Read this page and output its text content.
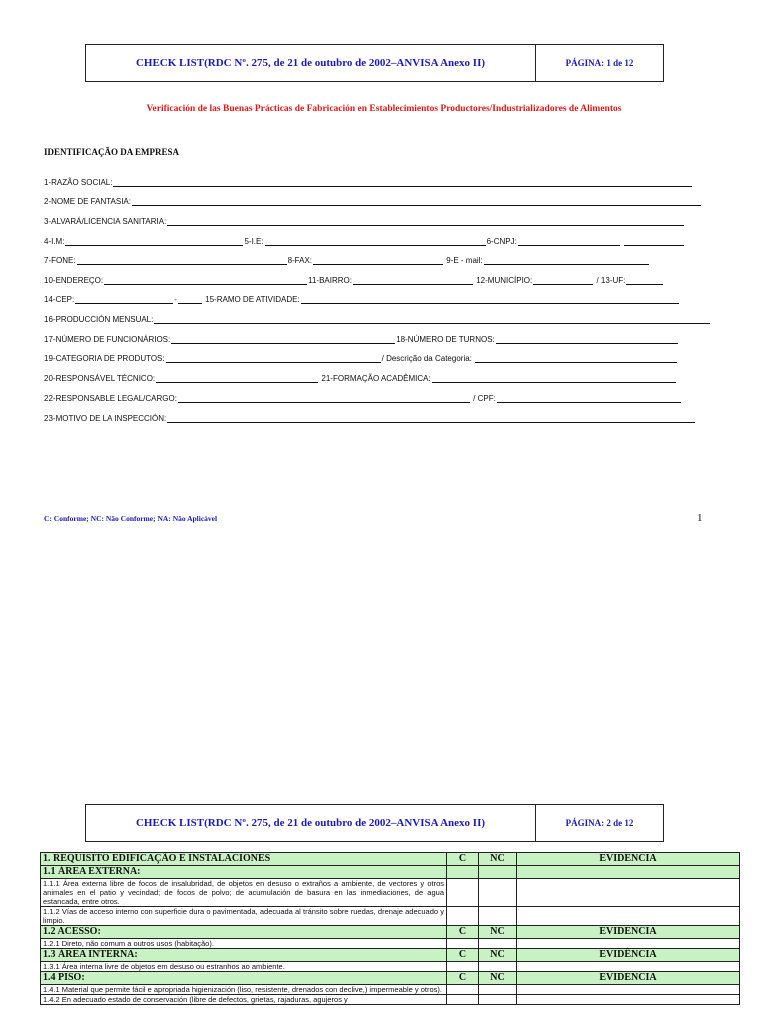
CHECK LIST(RDC Nº. 275, de 21 de outubro de 2002–ANVISA Anexo II)	PÁGINA: 1 de 12
Verificación de las Buenas Prácticas de Fabricación en Establecimientos Productores/Industrializadores de Alimentos
IDENTIFICAÇÃO DA EMPRESA
1-RAZÃO SOCIAL:
2-NOME DE FANTASIA:
3-ALVARÁ/LICENCIA SANITARIA:
4-I.M:	5-I.E:	6-CNPJ:
7-FONE:	8-FAX:	9-E - mail:
10-ENDEREÇO:	11-BAIRRO:	12-MUNICÍPIO:	/ 13-UF:
14-CEP:	-	15-RAMO DE ATIVIDADE:
16-PRODUCCIÓN MENSUAL:
17-NÚMERO DE FUNCIONÁRIOS:	18-NÚMERO DE TURNOS:
19-CATEGORIA DE PRODUTOS:	/ Descrição da Categoria:
20-RESPONSÁVEL TÉCNICO:	21-FORMAÇÃO ACADÊMICA:
22-RESPONSABLE LEGAL/CARGO:	/ CPF:
23-MOTIVO DE LA INSPECCIÓN:
C: Conforme; NC: Não Conforme; NA: Não Aplicável	1
CHECK LIST(RDC Nº. 275, de 21 de outubro de 2002–ANVISA Anexo II)	PÁGINA: 2 de 12
1. REQUISITO EDIFICAÇÃO E INSTALACIONES	C	NC	EVIDENCIA
1.1 ÁREA EXTERNA:			
1.1.1 Área externa libre de focos de insalubridad, de objetos en desuso o extraños a ambiente, de vectores y otros animales en el patio y vecindad; de focos de polvo; de acumulación de basura en las inmediaciones, de agua estancada, entre otros.			
1.1.2 Vías de acceso interno con superficie dura o pavimentada, adecuada al tránsito sobre ruedas, drenaje adecuado y limpio.			
1.2 ACESSO:	C	NC	EVIDENCIA
1.2.1 Direto, não comum a outros usos (habitação).			
1.3 ÁREA INTERNA:	C	NC	EVIDÊNCIA
1.3.1 Área interna livre de objetos em desuso ou estranhos ao ambiente.			
1.4 PISO:	C	NC	EVIDENCIA
1.4.1 Material que permite fácil e apropriada higienización (liso, resistente, drenados con declive,) impermeable y otros).			
1.4.2 En adecuado estado de conservación (libre de defectos, grietas, rajaduras, agujeros y			
